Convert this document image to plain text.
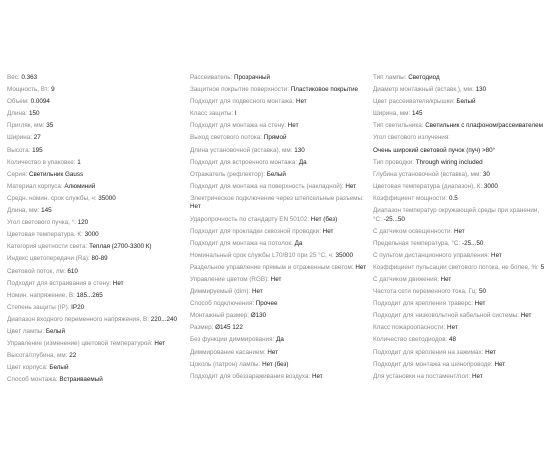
Вес: 0.363
Мощность, Вт: 9
Объем: 0.0094
Длина: 150
Пригляк, мм: 35
Ширина: 27
Высота: 195
Количество в упаковке: 1
Серия: Светильник Gauss
Материал корпуса: Алюминий
Средн. номин. срок службы, ч: 35000
Длина, мм: 145
Угол светового пучка, °: 120
Цветовая температура, К: 3000
Категория цветности света: Теплая (2700-3300 К)
Индекс цветопередачи (Ra): 80-89
Световой поток, лм: 610
Подходит для встраивания в стену: Нет
Номин. напряжение, В: 185...265
Степень защиты (IP): IP20
Диапазон входного переменного напряжения, В: 220...240
Цвет лампы: Белый
Управление (изменение) цветовой температурой: Нет
Высота/глубина, мм: 22
Цвет корпуса: Белый
Способ монтажа: Встраиваемый
Рассеиватель: Прозрачный
Защитное покрытие поверхности: Пластиковое покрытие
Подходит для подвесного монтажа: Нет
Класс защиты: I
Подходит для монтажа на стену: Нет
Выход светового потока: Прямой
Длина установочной (вставка), мм: 130
Подходит для встроенного монтажа: Да
Отражатель (рефлектор): Белый
Подходит для монтажа на поверхность (накладной): Нет
Электрическое подключение через штепсельные разъемы: Нет
Ударопрочность по стандарту EN 50102: Нет (без)
Подходит для прокладки сквозной проводки: Нет
Подходит для монтажа на потолок: Да
Номинальный срок службы L70/B10 при 25 °С, ч: 35000
Раздельное управление прямым и отраженным светом: Нет
Управление цветом (RGB): Нет
Диммируемый (dim): Нет
Способ подключения: Прочее
Монтажный размер: Ø130
Размер: Ø145 122
Без функции диммирования: Да
Диммирование касанием: Нет
Цоколь (патрон) лампы: Нет (без)
Подходит для обеззараживания воздуха: Нет
Тип лампы: Светодиод
Диаметр монтажный (вставк.), мм: 130
Цвет рассеивателя/крышки: Белый
Ширина, мм: 145
Тип светильника: Светильник с плафоном/рассеивателем
Угол светового излучения:
Очень широкий световой пучок (пуч) >80°
Тип проводки: Through wiring included
Глубина установочной (вставка), мм: 30
Цветовая температура (диапазон), К: 3000
Коэффициент мощности: 0.5
Диапазон температур окружающей среды при хранении, °С: -25...50
С датчиком освещенности: Нет
Предельная температура, °С: -25...50
С пультом дистанционного управления: Нет
Коэффициент пульсации светового потока, не более, %: 5
С датчиком движения: Нет
Частота сети переменного тока, Гц: 50
Подходит для крепления траверс: Нет
Подходит для низковольтной кабельной системы: Нет
Класс пожароопасности: Нет
Количество светодиодов: 48
Подходит для крепления на зажимах: Нет
Подходит для монтажа на шинопроводе: Нет
Для установки на постамент/пол: Нет
